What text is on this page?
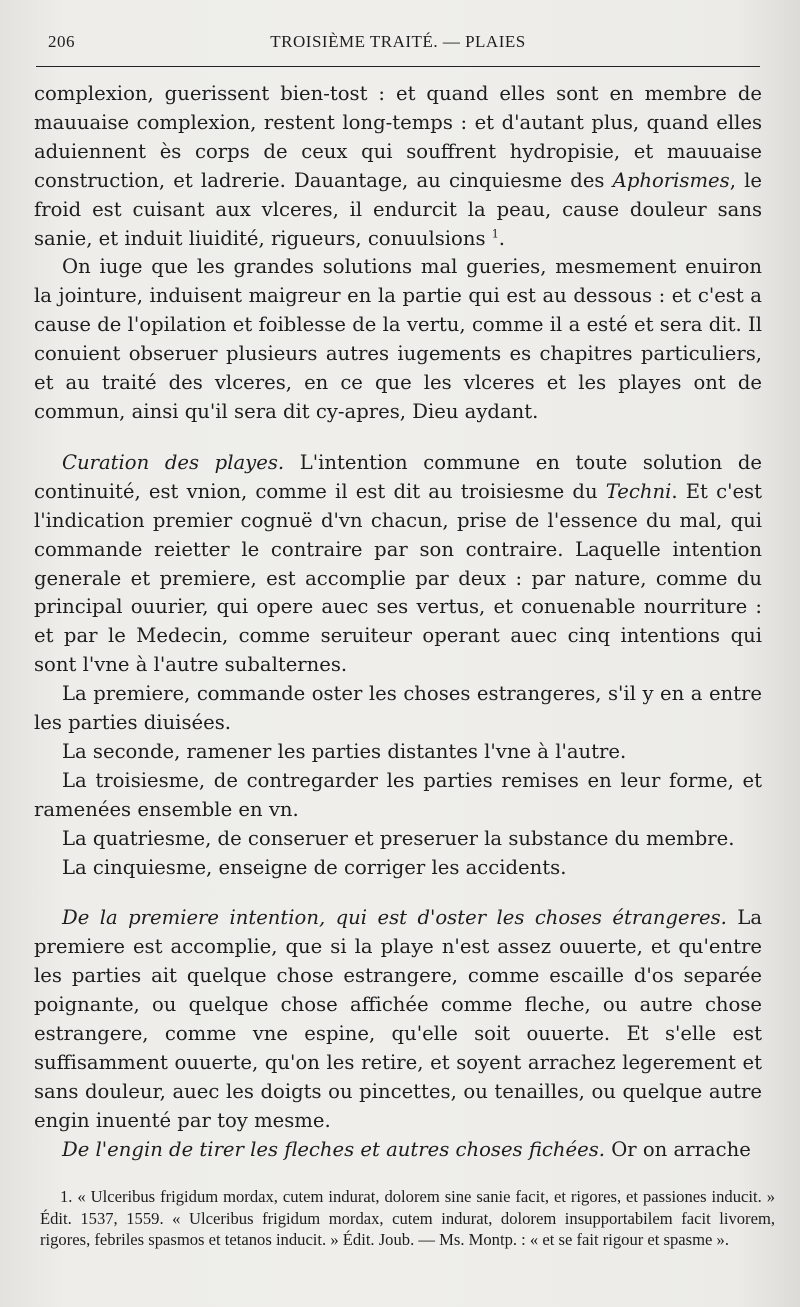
206	TROISIÈME TRAITÉ. — PLAIES

complexion, guerissent bien-tost : et quand elles sont en membre de mauuaise complexion, restent long-temps : et d'autant plus, quand elles aduiennent ès corps de ceux qui souffrent hydropisie, et mauuaise construction, et ladrerie. Dauantage, au cinquiesme des Aphorismes, le froid est cuisant aux vlceres, il endurcit la peau, cause douleur sans sanie, et induit liuidité, rigueurs, conuulsions $^1$.

On iuge que les grandes solutions mal gueries, mesmement enuiron la jointure, induisent maigreur en la partie qui est au dessous : et c'est a cause de l'opilation et foiblesse de la vertu, comme il a esté et sera dit. Il conuient obseruer plusieurs autres iugements es chapitres particuliers, et au traité des vlceres, en ce que les vlceres et les playes ont de commun, ainsi qu'il sera dit cy-apres, Dieu aydant.

Curation des playes. L'intention commune en toute solution de continuité, est vnion, comme il est dit au troisiesme du Techni. Et c'est l'indication premier cognuë d'vn chacun, prise de l'essence du mal, qui commande reietter le contraire par son contraire. Laquelle intention generale et premiere, est accomplie par deux : par nature, comme du principal ouurier, qui opere auec ses vertus, et conuenable nourriture : et par le Medecin, comme seruiteur operant auec cinq intentions qui sont l'vne à l'autre subalternes.

La premiere, commande oster les choses estrangeres, s'il y en a entre les parties diuisées.

La seconde, ramener les parties distantes l'vne à l'autre.

La troisiesme, de contregarder les parties remises en leur forme, et ramenées ensemble en vn.

La quatriesme, de conseruer et preseruer la substance du membre.

La cinquiesme, enseigne de corriger les accidents.

De la premiere intention, qui est d'oster les choses étrangeres. La premiere est accomplie, que si la playe n'est assez ouuerte, et qu'entre les parties ait quelque chose estrangere, comme escaille d'os separée poignante, ou quelque chose affichée comme fleche, ou autre chose estrangere, comme vne espine, qu'elle soit ouuerte. Et s'elle est suffisamment ouuerte, qu'on les retire, et soyent arrachez legerement et sans douleur, auec les doigts ou pincettes, ou tenailles, ou quelque autre engin inuenté par toy mesme.

De l'engin de tirer les fleches et autres choses fichées. Or on arrache

1. « Ulceribus frigidum mordax, cutem indurat, dolorem sine sanie facit, et rigores, et passiones inducit. » Édit. 1537, 1559. « Ulceribus frigidum mordax, cutem indurat, dolorem insupportabilem facit livorem, rigores, febriles spasmos et tetanos inducit. » Édit. Joub. — Ms. Montp. : « et se fait rigour et spasme ».
